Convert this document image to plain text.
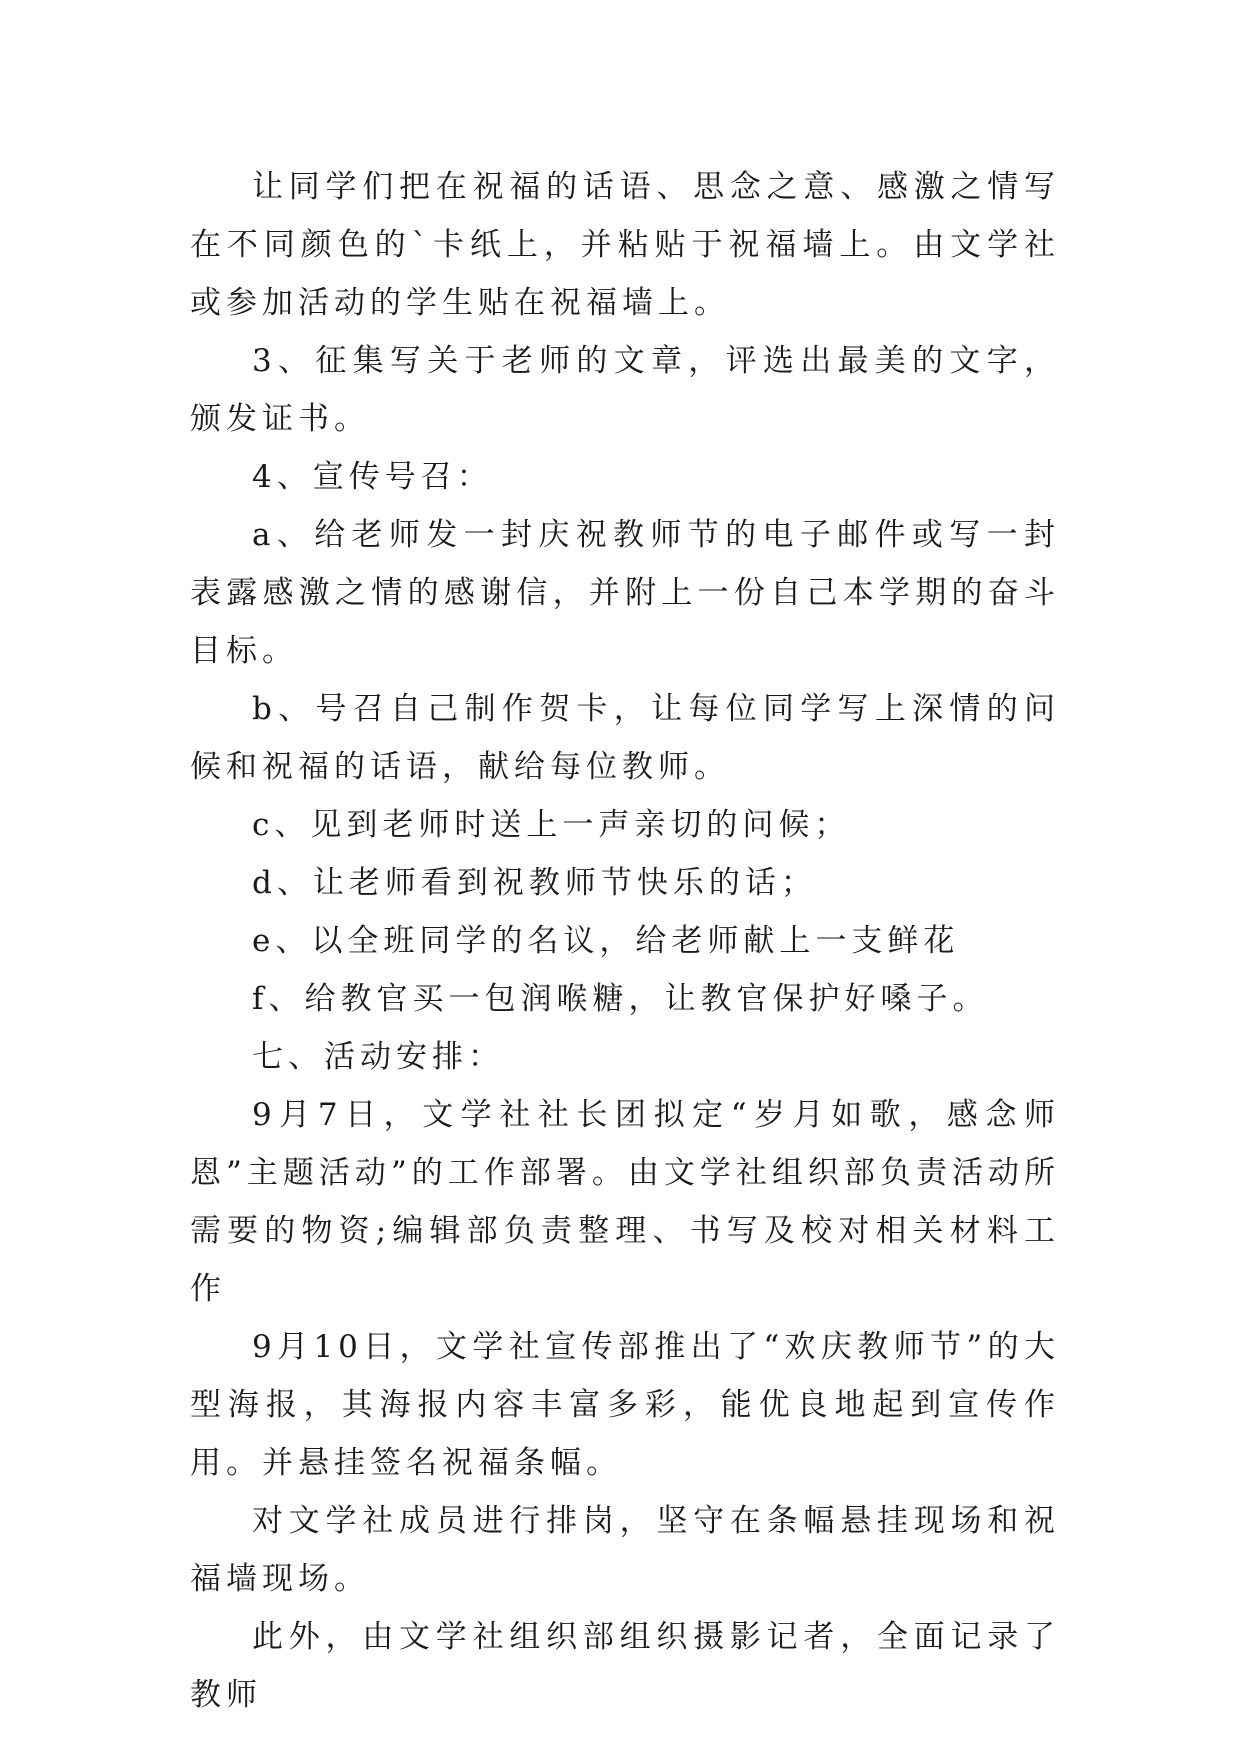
让同学们把在祝福的话语、思念之意、感激之情写在不同颜色的`卡纸上，并粘贴于祝福墙上。由文学社或参加活动的学生贴在祝福墙上。

3、征集写关于老师的文章，评选出最美的文字，颁发证书。

4、宣传号召：

a、给老师发一封庆祝教师节的电子邮件或写一封表露感激之情的感谢信，并附上一份自己本学期的奋斗目标。

b、号召自己制作贺卡，让每位同学写上深情的问候和祝福的话语，献给每位教师。

c、见到老师时送上一声亲切的问候；

d、让老师看到祝教师节快乐的话；

e、以全班同学的名议，给老师献上一支鲜花

f、给教官买一包润喉糖，让教官保护好嗓子。

七、活动安排：

9月7日，文学社社长团拟定“岁月如歌，感念师恩”主题活动”的工作部署。由文学社组织部负责活动所需要的物资;编辑部负责整理、书写及校对相关材料工作

9月10日，文学社宣传部推出了“欢庆教师节”的大型海报，其海报内容丰富多彩，能优良地起到宣传作用。并悬挂签名祝福条幅。

对文学社成员进行排岗，坚守在条幅悬挂现场和祝福墙现场。

此外，由文学社组织部组织摄影记者，全面记录了教师
